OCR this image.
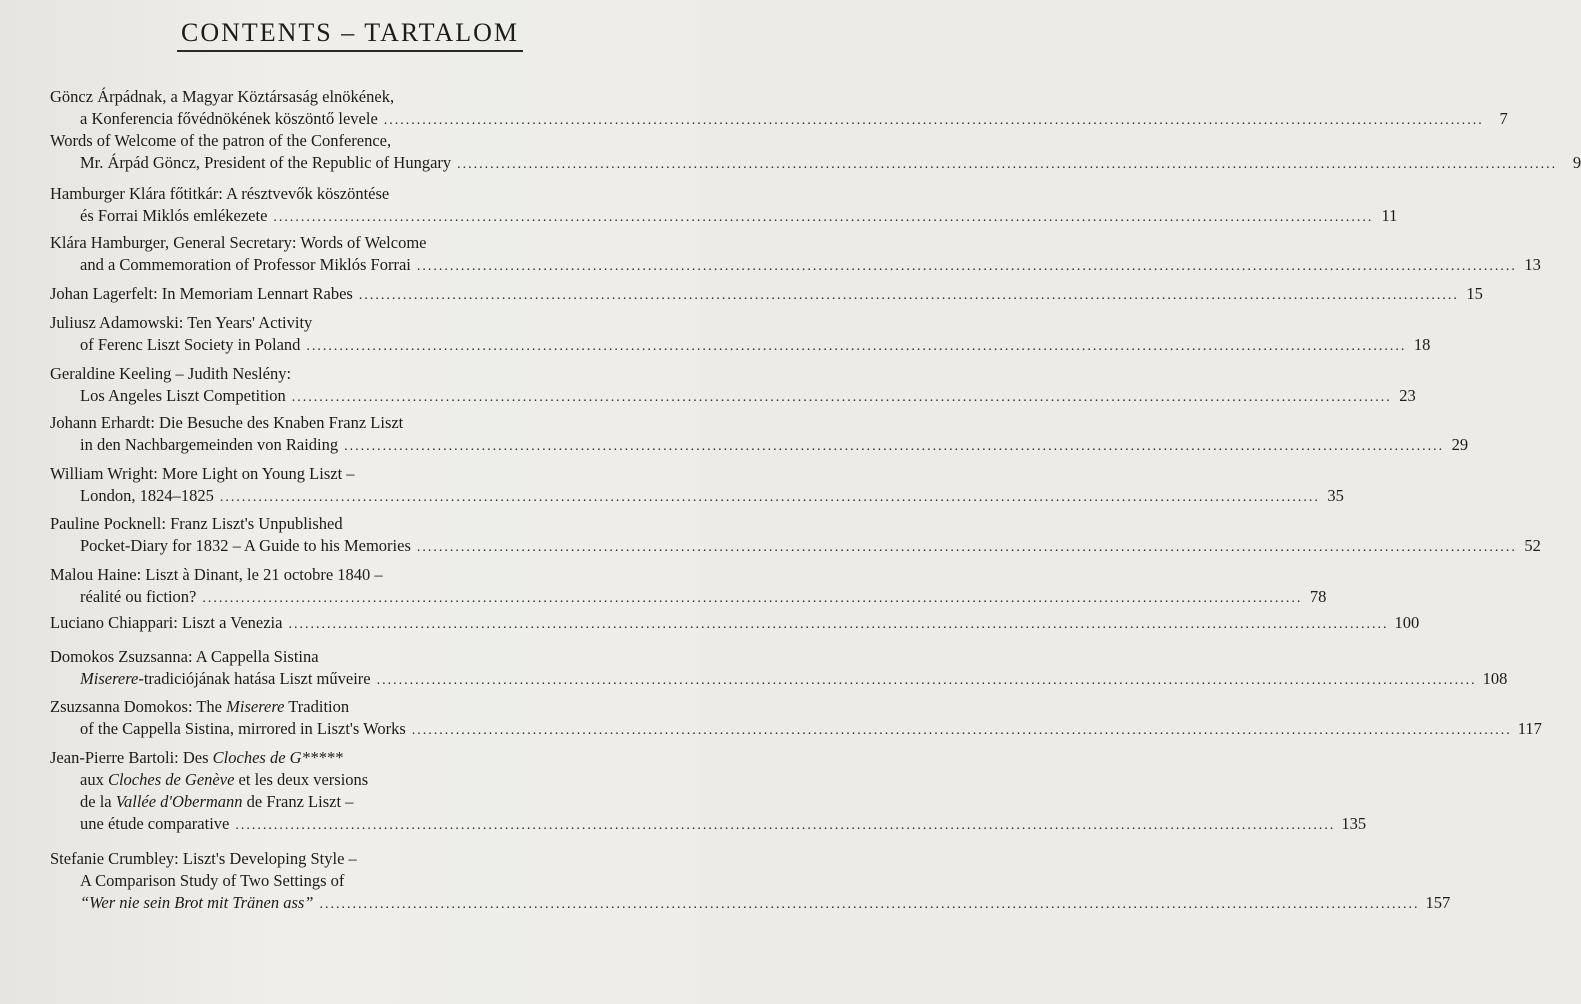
CONTENTS – TARTALOM
Göncz Árpádnak, a Magyar Köztársaság elnökének,
a Konferencia fővédnökének köszöntő levele ........................................................................................................................................................................................................ 7
Words of Welcome of the patron of the Conference,
Mr. Árpád Göncz, President of the Republic of Hungary ........................................................................................................................................................................................................ 9
Hamburger Klára főtitkár: A résztvevők köszöntése
és Forrai Miklós emlékezete ........................................................................................................................................................................................................ 11
Klára Hamburger, General Secretary: Words of Welcome
and a Commemoration of Professor Miklós Forrai ........................................................................................................................................................................................................ 13
Johan Lagerfelt: In Memoriam Lennart Rabes ........................................................................................................................................................................................................ 15
Juliusz Adamowski: Ten Years' Activity
of Ferenc Liszt Society in Poland ........................................................................................................................................................................................................ 18
Geraldine Keeling – Judith Neslény:
Los Angeles Liszt Competition ........................................................................................................................................................................................................ 23
Johann Erhardt: Die Besuche des Knaben Franz Liszt
in den Nachbargemeinden von Raiding ........................................................................................................................................................................................................ 29
William Wright: More Light on Young Liszt –
London, 1824–1825 ........................................................................................................................................................................................................ 35
Pauline Pocknell: Franz Liszt's Unpublished
Pocket-Diary for 1832 – A Guide to his Memories ........................................................................................................................................................................................................ 52
Malou Haine: Liszt à Dinant, le 21 octobre 1840 –
réalité ou fiction? ........................................................................................................................................................................................................ 78
Luciano Chiappari: Liszt a Venezia ........................................................................................................................................................................................................ 100
Domokos Zsuzsanna: A Cappella Sistina
Miserere-tradiciójának hatása Liszt műveire ........................................................................................................................................................................................................ 108
Zsuzsanna Domokos: The Miserere Tradition
of the Cappella Sistina, mirrored in Liszt's Works ........................................................................................................................................................................................................ 117
Jean-Pierre Bartoli: Des Cloches de G*****
aux Cloches de Genève et les deux versions
de la Vallée d'Obermann de Franz Liszt –
une étude comparative ........................................................................................................................................................................................................ 135
Stefanie Crumbley: Liszt's Developing Style –
A Comparison Study of Two Settings of
“Wer nie sein Brot mit Tränen ass” ........................................................................................................................................................................................................ 157
